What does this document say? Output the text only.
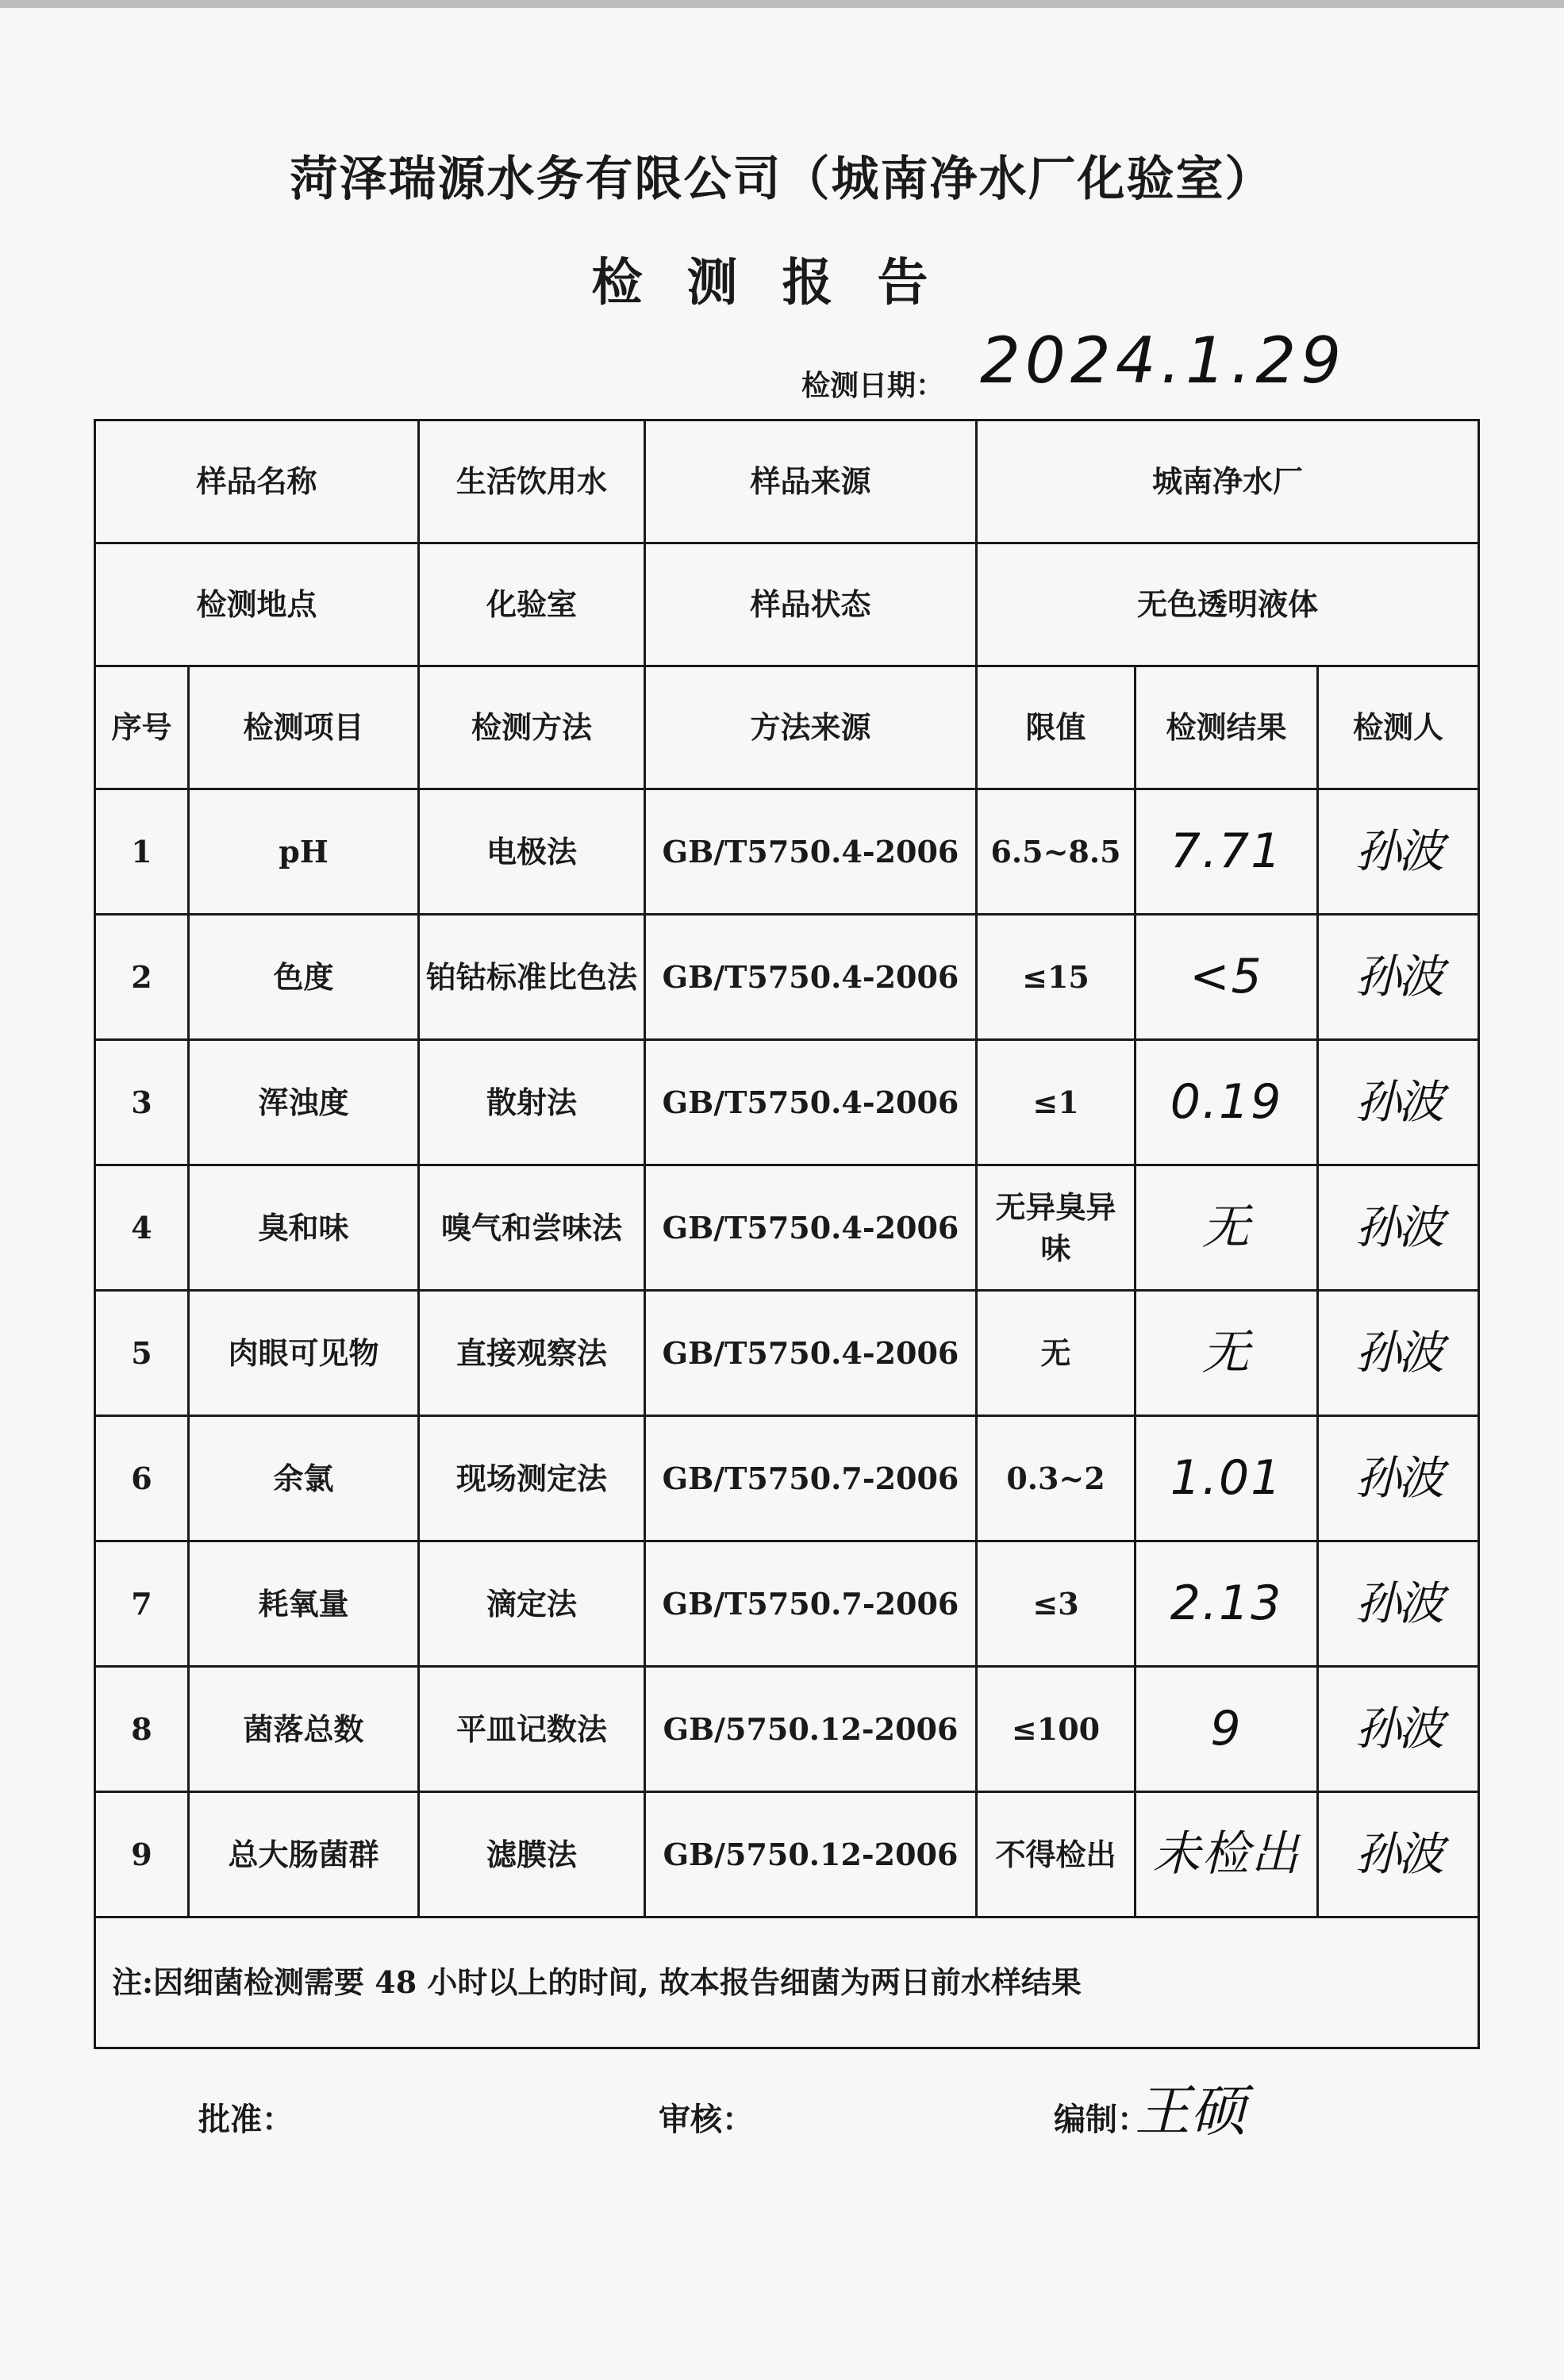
菏泽瑞源水务有限公司（城南净水厂化验室）
检测报告
检测日期： 2024.1.29
样品名称		生活饮用水	样品来源	城南净水厂		
检测地点		化验室	样品状态	无色透明液体		
序号	检测项目	检测方法	方法来源	限值	检测结果	检测人
1	pH	电极法	GB/T5750.4-2006	6.5~8.5	7.71	孙波
2	色度	铂钴标准比色法	GB/T5750.4-2006	≤15	<5	孙波
3	浑浊度	散射法	GB/T5750.4-2006	≤1	0.19	孙波
4	臭和味	嗅气和尝味法	GB/T5750.4-2006	无异臭异味	无	孙波
5	肉眼可见物	直接观察法	GB/T5750.4-2006	无	无	孙波
6	余氯	现场测定法	GB/T5750.7-2006	0.3~2	1.01	孙波
7	耗氧量	滴定法	GB/T5750.7-2006	≤3	2.13	孙波
8	菌落总数	平皿记数法	GB/5750.12-2006	≤100	9	孙波
9	总大肠菌群	滤膜法	GB/5750.12-2006	不得检出	未检出	孙波
注:因细菌检测需要 48 小时以上的时间, 故本报告细菌为两日前水样结果						
批准：	审核：	编制：
王硕
